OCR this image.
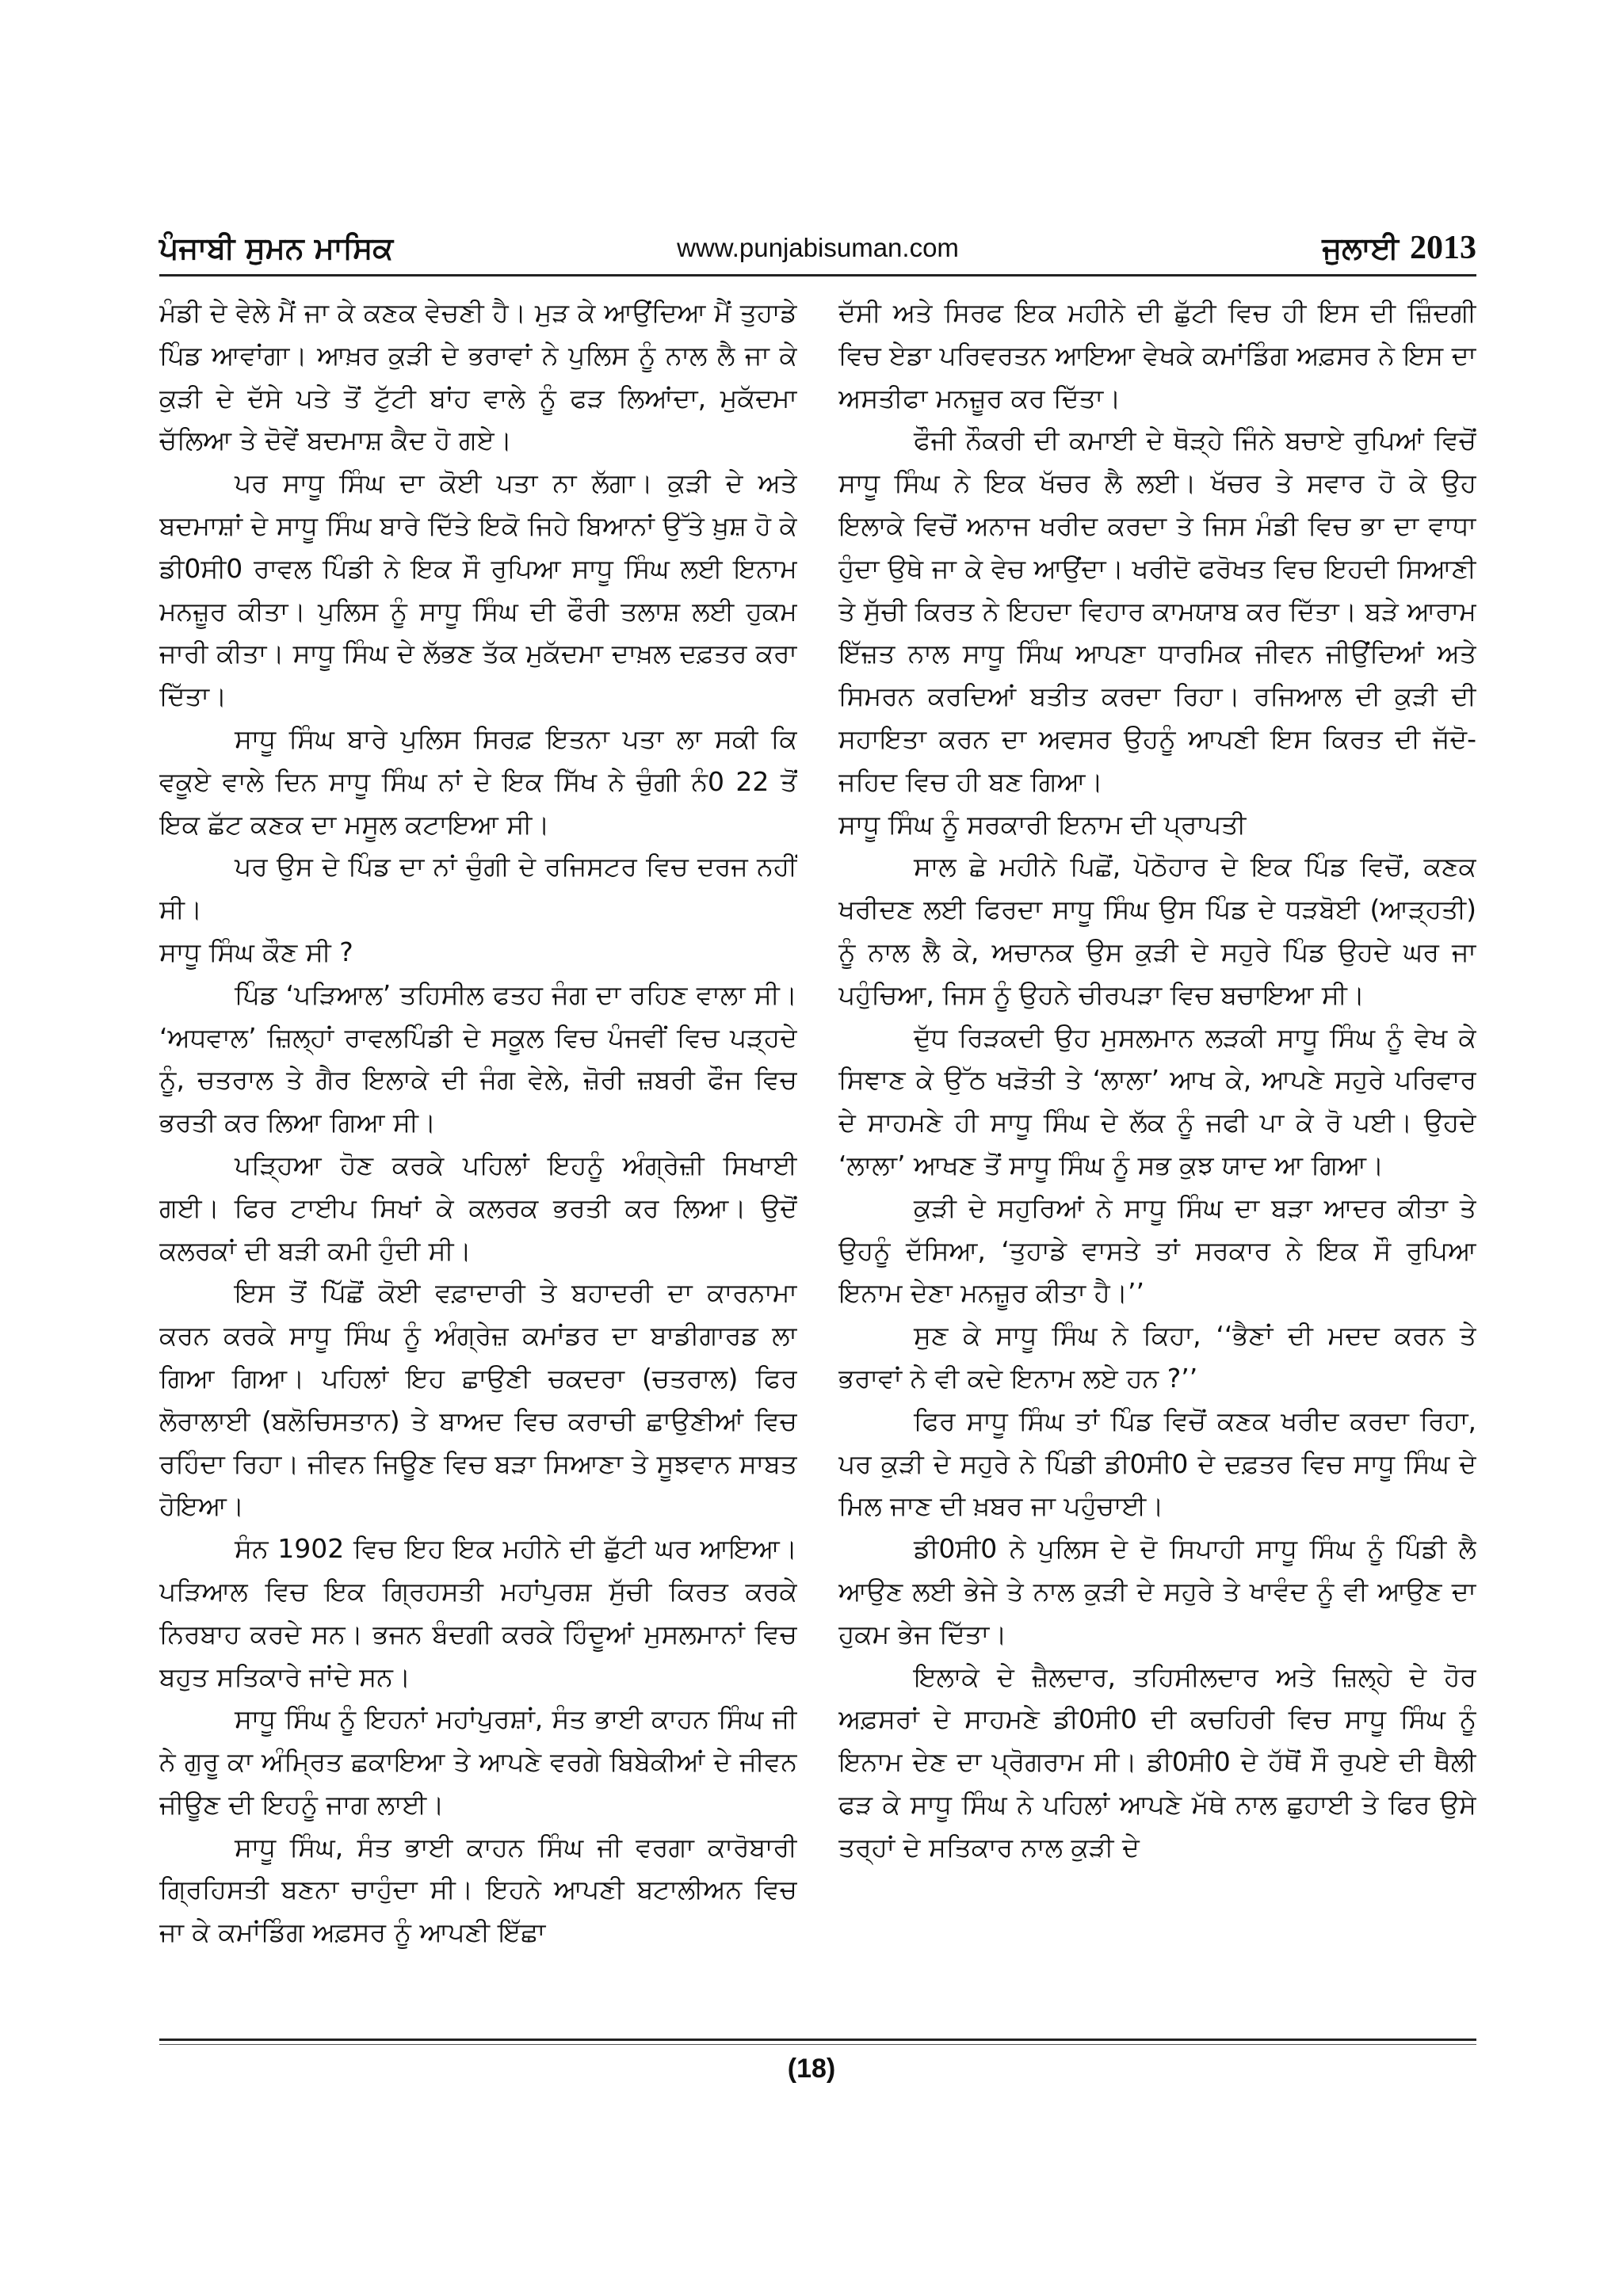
ਪੰਜਾਬੀ ਸੁਮਨ ਮਾਸਿਕ	www.punjabisuman.com	ਜੁਲਾਈ 2013

ਮੰਡੀ ਦੇ ਵੇਲੇ ਮੈਂ ਜਾ ਕੇ ਕਣਕ ਵੇਚਣੀ ਹੈ। ਮੁੜ ਕੇ ਆਉਂਦਿਆ ਮੈਂ ਤੁਹਾਡੇ ਪਿੰਡ ਆਵਾਂਗਾ। ਆਖ਼ਰ ਕੁੜੀ ਦੇ ਭਰਾਵਾਂ ਨੇ ਪੁਲਿਸ ਨੂੰ ਨਾਲ ਲੈ ਜਾ ਕੇ ਕੁੜੀ ਦੇ ਦੱਸੇ ਪਤੇ ਤੋਂ ਟੁੱਟੀ ਬਾਂਹ ਵਾਲੇ ਨੂੰ ਫੜ ਲਿਆਂਦਾ, ਮੁਕੱਦਮਾ ਚੱਲਿਆ ਤੇ ਦੋਵੇਂ ਬਦਮਾਸ਼ ਕੈਦ ਹੋ ਗਏ।

ਪਰ ਸਾਧੂ ਸਿੰਘ ਦਾ ਕੋਈ ਪਤਾ ਨਾ ਲੱਗਾ। ਕੁੜੀ ਦੇ ਅਤੇ ਬਦਮਾਸ਼ਾਂ ਦੇ ਸਾਧੂ ਸਿੰਘ ਬਾਰੇ ਦਿੱਤੇ ਇਕੋ ਜਿਹੇ ਬਿਆਨਾਂ ਉੱਤੇ ਖ਼ੁਸ਼ ਹੋ ਕੇ ਡੀ0ਸੀ0 ਰਾਵਲ ਪਿੰਡੀ ਨੇ ਇਕ ਸੌ ਰੁਪਿਆ ਸਾਧੂ ਸਿੰਘ ਲਈ ਇਨਾਮ ਮਨਜ਼ੂਰ ਕੀਤਾ। ਪੁਲਿਸ ਨੂੰ ਸਾਧੂ ਸਿੰਘ ਦੀ ਫੌਰੀ ਤਲਾਸ਼ ਲਈ ਹੁਕਮ ਜਾਰੀ ਕੀਤਾ। ਸਾਧੂ ਸਿੰਘ ਦੇ ਲੱਭਣ ਤੱਕ ਮੁਕੱਦਮਾ ਦਾਖ਼ਲ ਦਫ਼ਤਰ ਕਰਾ ਦਿੱਤਾ।

ਸਾਧੂ ਸਿੰਘ ਬਾਰੇ ਪੁਲਿਸ ਸਿਰਫ਼ ਇਤਨਾ ਪਤਾ ਲਾ ਸਕੀ ਕਿ ਵਕੂਏ ਵਾਲੇ ਦਿਨ ਸਾਧੂ ਸਿੰਘ ਨਾਂ ਦੇ ਇਕ ਸਿੱਖ ਨੇ ਚੁੰਗੀ ਨੰ0 22 ਤੋਂ ਇਕ ਛੱਟ ਕਣਕ ਦਾ ਮਸੂਲ ਕਟਾਇਆ ਸੀ।

ਪਰ ਉਸ ਦੇ ਪਿੰਡ ਦਾ ਨਾਂ ਚੁੰਗੀ ਦੇ ਰਜਿਸਟਰ ਵਿਚ ਦਰਜ ਨਹੀਂ ਸੀ।

ਸਾਧੂ ਸਿੰਘ ਕੌਣ ਸੀ ?

ਪਿੰਡ ‘ਪੜਿਆਲ’ ਤਹਿਸੀਲ ਫਤਹ ਜੰਗ ਦਾ ਰਹਿਣ ਵਾਲਾ ਸੀ। ‘ਅਧਵਾਲ’ ਜ਼ਿਲ੍ਹਾਂ ਰਾਵਲਪਿੰਡੀ ਦੇ ਸਕੂਲ ਵਿਚ ਪੰਜਵੀਂ ਵਿਚ ਪੜ੍ਹਦੇ ਨੂੰ, ਚਤਰਾਲ ਤੇ ਗੈਰ ਇਲਾਕੇ ਦੀ ਜੰਗ ਵੇਲੇ, ਜ਼ੋਰੀ ਜ਼ਬਰੀ ਫੌਜ ਵਿਚ ਭਰਤੀ ਕਰ ਲਿਆ ਗਿਆ ਸੀ।

ਪੜ੍ਹਿਆ ਹੋਣ ਕਰਕੇ ਪਹਿਲਾਂ ਇਹਨੂੰ ਅੰਗ੍ਰੇਜ਼ੀ ਸਿਖਾਈ ਗਈ। ਫਿਰ ਟਾਈਪ ਸਿਖਾਂ ਕੇ ਕਲਰਕ ਭਰਤੀ ਕਰ ਲਿਆ। ਉਦੋਂ ਕਲਰਕਾਂ ਦੀ ਬੜੀ ਕਮੀ ਹੁੰਦੀ ਸੀ।

ਇਸ ਤੋਂ ਪਿੱਛੋਂ ਕੋਈ ਵਫ਼ਾਦਾਰੀ ਤੇ ਬਹਾਦਰੀ ਦਾ ਕਾਰਨਾਮਾ ਕਰਨ ਕਰਕੇ ਸਾਧੂ ਸਿੰਘ ਨੂੰ ਅੰਗ੍ਰੇਜ਼ ਕਮਾਂਡਰ ਦਾ ਬਾਡੀਗਾਰਡ ਲਾ ਗਿਆ ਗਿਆ। ਪਹਿਲਾਂ ਇਹ ਛਾਉਣੀ ਚਕਦਰਾ (ਚਤਰਾਲ) ਫਿਰ ਲੋਰਾਲਾਈ (ਬਲੋਚਿਸਤਾਨ) ਤੇ ਬਾਅਦ ਵਿਚ ਕਰਾਚੀ ਛਾਉਣੀਆਂ ਵਿਚ ਰਹਿੰਦਾ ਰਿਹਾ। ਜੀਵਨ ਜਿਊਣ ਵਿਚ ਬੜਾ ਸਿਆਣਾ ਤੇ ਸੂਝਵਾਨ ਸਾਬਤ ਹੋਇਆ।

ਸੰਨ 1902 ਵਿਚ ਇਹ ਇਕ ਮਹੀਨੇ ਦੀ ਛੁੱਟੀ ਘਰ ਆਇਆ। ਪੜਿਆਲ ਵਿਚ ਇਕ ਗ੍ਰਿਹਸਤੀ ਮਹਾਂਪੁਰਸ਼ ਸੁੱਚੀ ਕਿਰਤ ਕਰਕੇ ਨਿਰਬਾਹ ਕਰਦੇ ਸਨ। ਭਜਨ ਬੰਦਗੀ ਕਰਕੇ ਹਿੰਦੂਆਂ ਮੁਸਲਮਾਨਾਂ ਵਿਚ ਬਹੁਤ ਸਤਿਕਾਰੇ ਜਾਂਦੇ ਸਨ।

ਸਾਧੂ ਸਿੰਘ ਨੂੰ ਇਹਨਾਂ ਮਹਾਂਪੁਰਸ਼ਾਂ, ਸੰਤ ਭਾਈ ਕਾਹਨ ਸਿੰਘ ਜੀ ਨੇ ਗੁਰੂ ਕਾ ਅੰਮ੍ਰਿਤ ਛਕਾਇਆ ਤੇ ਆਪਣੇ ਵਰਗੇ ਬਿਬੇਕੀਆਂ ਦੇ ਜੀਵਨ ਜੀਊਣ ਦੀ ਇਹਨੂੰ ਜਾਗ ਲਾਈ।

ਸਾਧੂ ਸਿੰਘ, ਸੰਤ ਭਾਈ ਕਾਹਨ ਸਿੰਘ ਜੀ ਵਰਗਾ ਕਾਰੋਬਾਰੀ ਗ੍ਰਿਹਿਸਤੀ ਬਣਨਾ ਚਾਹੁੰਦਾ ਸੀ। ਇਹਨੇ ਆਪਣੀ ਬਟਾਲੀਅਨ ਵਿਚ ਜਾ ਕੇ ਕਮਾਂਡਿੰਗ ਅਫ਼ਸਰ ਨੂੰ ਆਪਣੀ ਇੱਛਾ

ਦੱਸੀ ਅਤੇ ਸਿਰਫ ਇਕ ਮਹੀਨੇ ਦੀ ਛੁੱਟੀ ਵਿਚ ਹੀ ਇਸ ਦੀ ਜ਼ਿੰਦਗੀ ਵਿਚ ਏਡਾ ਪਰਿਵਰਤਨ ਆਇਆ ਵੇਖਕੇ ਕਮਾਂਡਿੰਗ ਅਫ਼ਸਰ ਨੇ ਇਸ ਦਾ ਅਸਤੀਫਾ ਮਨਜ਼ੂਰ ਕਰ ਦਿੱਤਾ।

ਫੌਜੀ ਨੌਕਰੀ ਦੀ ਕਮਾਈ ਦੇ ਥੋੜ੍ਹੇ ਜਿੰਨੇ ਬਚਾਏ ਰੁਪਿਆਂ ਵਿਚੋਂ ਸਾਧੂ ਸਿੰਘ ਨੇ ਇਕ ਖੱਚਰ ਲੈ ਲਈ। ਖੱਚਰ ਤੇ ਸਵਾਰ ਹੋ ਕੇ ਉਹ ਇਲਾਕੇ ਵਿਚੋਂ ਅਨਾਜ ਖਰੀਦ ਕਰਦਾ ਤੇ ਜਿਸ ਮੰਡੀ ਵਿਚ ਭਾ ਦਾ ਵਾਧਾ ਹੁੰਦਾ ਉਥੇ ਜਾ ਕੇ ਵੇਚ ਆਉਂਦਾ। ਖਰੀਦੋ ਫਰੋਖਤ ਵਿਚ ਇਹਦੀ ਸਿਆਣੀ ਤੇ ਸੁੱਚੀ ਕਿਰਤ ਨੇ ਇਹਦਾ ਵਿਹਾਰ ਕਾਮਯਾਬ ਕਰ ਦਿੱਤਾ। ਬੜੇ ਆਰਾਮ ਇੱਜ਼ਤ ਨਾਲ ਸਾਧੂ ਸਿੰਘ ਆਪਣਾ ਧਾਰਮਿਕ ਜੀਵਨ ਜੀਉਂਦਿਆਂ ਅਤੇ ਸਿਮਰਨ ਕਰਦਿਆਂ ਬਤੀਤ ਕਰਦਾ ਰਿਹਾ। ਰਜਿਆਲ ਦੀ ਕੁੜੀ ਦੀ ਸਹਾਇਤਾ ਕਰਨ ਦਾ ਅਵਸਰ ਉਹਨੂੰ ਆਪਣੀ ਇਸ ਕਿਰਤ ਦੀ ਜੱਦੋ-ਜਹਿਦ ਵਿਚ ਹੀ ਬਣ ਗਿਆ।

ਸਾਧੂ ਸਿੰਘ ਨੂੰ ਸਰਕਾਰੀ ਇਨਾਮ ਦੀ ਪ੍ਰਾਪਤੀ

ਸਾਲ ਛੇ ਮਹੀਨੇ ਪਿਛੋਂ, ਪੋਠੋਹਾਰ ਦੇ ਇਕ ਪਿੰਡ ਵਿਚੋਂ, ਕਣਕ ਖਰੀਦਣ ਲਈ ਫਿਰਦਾ ਸਾਧੂ ਸਿੰਘ ਉਸ ਪਿੰਡ ਦੇ ਧੜਬੋਈ (ਆੜ੍ਹਤੀ) ਨੂੰ ਨਾਲ ਲੈ ਕੇ, ਅਚਾਨਕ ਉਸ ਕੁੜੀ ਦੇ ਸਹੁਰੇ ਪਿੰਡ ਉਹਦੇ ਘਰ ਜਾ ਪਹੁੰਚਿਆ, ਜਿਸ ਨੂੰ ਉਹਨੇ ਚੀਰਪੜਾ ਵਿਚ ਬਚਾਇਆ ਸੀ।

ਦੁੱਧ ਰਿੜਕਦੀ ਉਹ ਮੁਸਲਮਾਨ ਲੜਕੀ ਸਾਧੂ ਸਿੰਘ ਨੂੰ ਵੇਖ ਕੇ ਸਿਞਾਣ ਕੇ ਉੱਠ ਖੜੋਤੀ ਤੇ ‘ਲਾਲਾ’ ਆਖ ਕੇ, ਆਪਣੇ ਸਹੁਰੇ ਪਰਿਵਾਰ ਦੇ ਸਾਹਮਣੇ ਹੀ ਸਾਧੂ ਸਿੰਘ ਦੇ ਲੱਕ ਨੂੰ ਜਫੀ ਪਾ ਕੇ ਰੋ ਪਈ। ਉਹਦੇ ‘ਲਾਲਾ’ ਆਖਣ ਤੋਂ ਸਾਧੂ ਸਿੰਘ ਨੂੰ ਸਭ ਕੁਝ ਯਾਦ ਆ ਗਿਆ।

ਕੁੜੀ ਦੇ ਸਹੁਰਿਆਂ ਨੇ ਸਾਧੂ ਸਿੰਘ ਦਾ ਬੜਾ ਆਦਰ ਕੀਤਾ ਤੇ ਉਹਨੂੰ ਦੱਸਿਆ, ‘ਤੁਹਾਡੇ ਵਾਸਤੇ ਤਾਂ ਸਰਕਾਰ ਨੇ ਇਕ ਸੌ ਰੁਪਿਆ ਇਨਾਮ ਦੇਣਾ ਮਨਜ਼ੂਰ ਕੀਤਾ ਹੈ।’’

ਸੁਣ ਕੇ ਸਾਧੂ ਸਿੰਘ ਨੇ ਕਿਹਾ, ‘‘ਭੈਣਾਂ ਦੀ ਮਦਦ ਕਰਨ ਤੇ ਭਰਾਵਾਂ ਨੇ ਵੀ ਕਦੇ ਇਨਾਮ ਲਏ ਹਨ ?’’

ਫਿਰ ਸਾਧੂ ਸਿੰਘ ਤਾਂ ਪਿੰਡ ਵਿਚੋਂ ਕਣਕ ਖਰੀਦ ਕਰਦਾ ਰਿਹਾ, ਪਰ ਕੁੜੀ ਦੇ ਸਹੁਰੇ ਨੇ ਪਿੰਡੀ ਡੀ0ਸੀ0 ਦੇ ਦਫ਼ਤਰ ਵਿਚ ਸਾਧੂ ਸਿੰਘ ਦੇ ਮਿਲ ਜਾਣ ਦੀ ਖ਼ਬਰ ਜਾ ਪਹੁੰਚਾਈ।

ਡੀ0ਸੀ0 ਨੇ ਪੁਲਿਸ ਦੇ ਦੋ ਸਿਪਾਹੀ ਸਾਧੂ ਸਿੰਘ ਨੂੰ ਪਿੰਡੀ ਲੈ ਆਉਣ ਲਈ ਭੇਜੇ ਤੇ ਨਾਲ ਕੁੜੀ ਦੇ ਸਹੁਰੇ ਤੇ ਖਾਵੰਦ ਨੂੰ ਵੀ ਆਉਣ ਦਾ ਹੁਕਮ ਭੇਜ ਦਿੱਤਾ।

ਇਲਾਕੇ ਦੇ ਜ਼ੈਲਦਾਰ, ਤਹਿਸੀਲਦਾਰ ਅਤੇ ਜ਼ਿਲ੍ਹੇ ਦੇ ਹੋਰ ਅਫ਼ਸਰਾਂ ਦੇ ਸਾਹਮਣੇ ਡੀ0ਸੀ0 ਦੀ ਕਚਹਿਰੀ ਵਿਚ ਸਾਧੂ ਸਿੰਘ ਨੂੰ ਇਨਾਮ ਦੇਣ ਦਾ ਪ੍ਰੋਗਰਾਮ ਸੀ। ਡੀ0ਸੀ0 ਦੇ ਹੱਥੋਂ ਸੌ ਰੁਪਏ ਦੀ ਥੈਲੀ ਫੜ ਕੇ ਸਾਧੂ ਸਿੰਘ ਨੇ ਪਹਿਲਾਂ ਆਪਣੇ ਮੱਥੇ ਨਾਲ ਛੁਹਾਈ ਤੇ ਫਿਰ ਉਸੇ ਤਰ੍ਹਾਂ ਦੇ ਸਤਿਕਾਰ ਨਾਲ ਕੁੜੀ ਦੇ

(18)
